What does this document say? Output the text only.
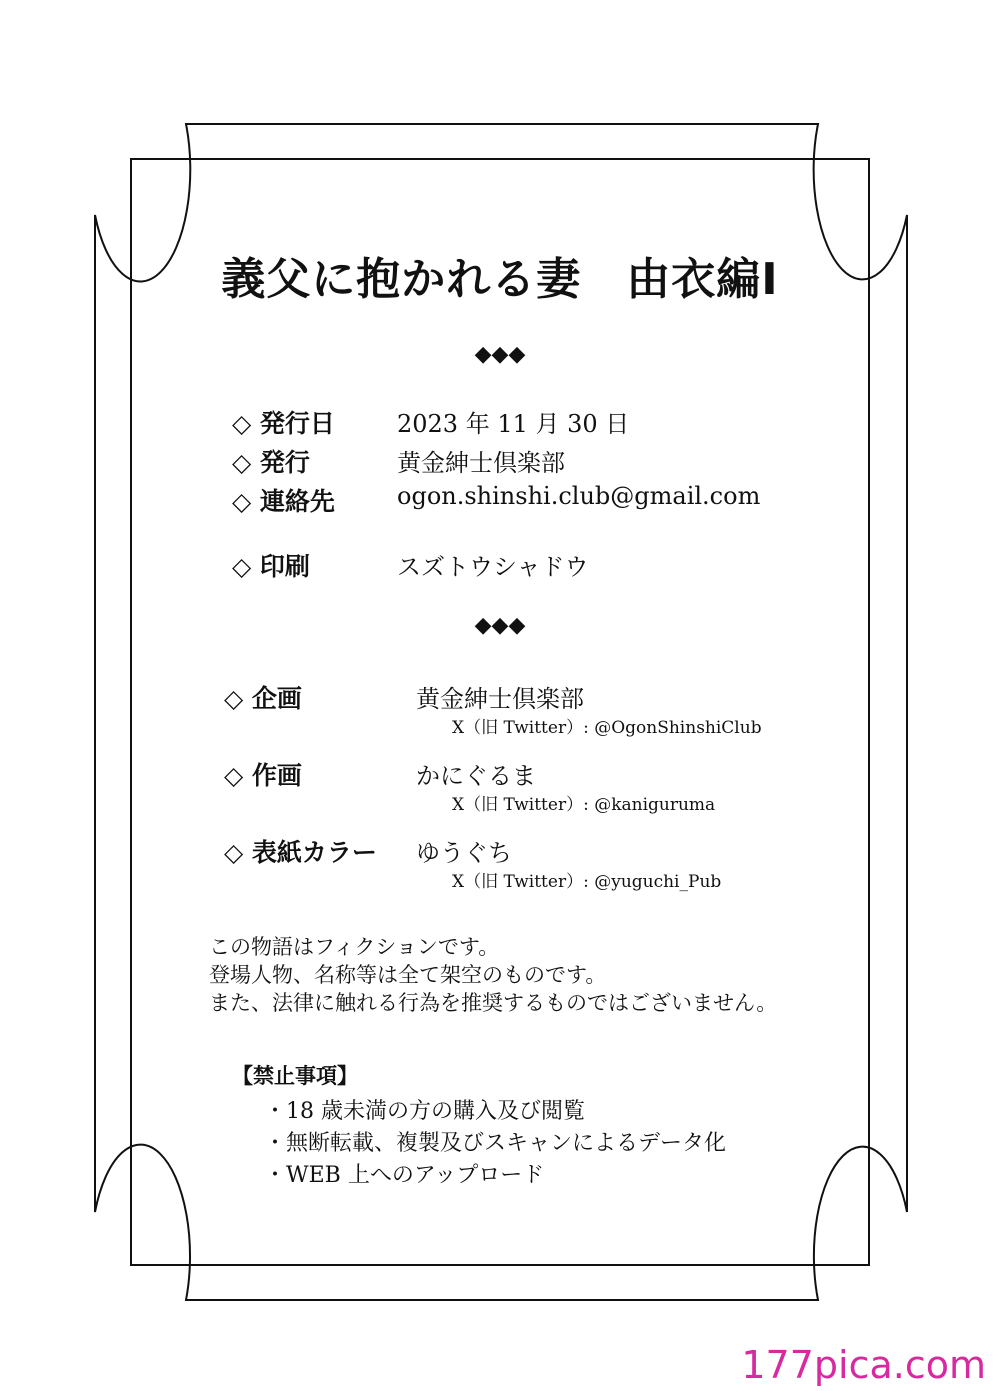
義父に抱かれる妻　由衣編Ⅰ
◆◆◆
◇ 発行日	2023 年 11 月 30 日
◇ 発行	黄金紳士倶楽部
◇ 連絡先	ogon.shinshi.club@gmail.com
◇ 印刷	スズトウシャドウ
◆◆◆
◇ 企画	黄金紳士倶楽部
X（旧 Twitter）: @OgonShinshiClub
◇ 作画	かにぐるま
X（旧 Twitter）: @kaniguruma
◇ 表紙カラー ゆうぐち
X（旧 Twitter）: @yuguchi_Pub
この物語はフィクションです。
登場人物、名称等は全て架空のものです。
また、法律に触れる行為を推奨するものではございません。
【禁止事項】
・18 歳未満の方の購入及び閲覧
・無断転載、複製及びスキャンによるデータ化
・WEB 上へのアップロード
177pica.com
